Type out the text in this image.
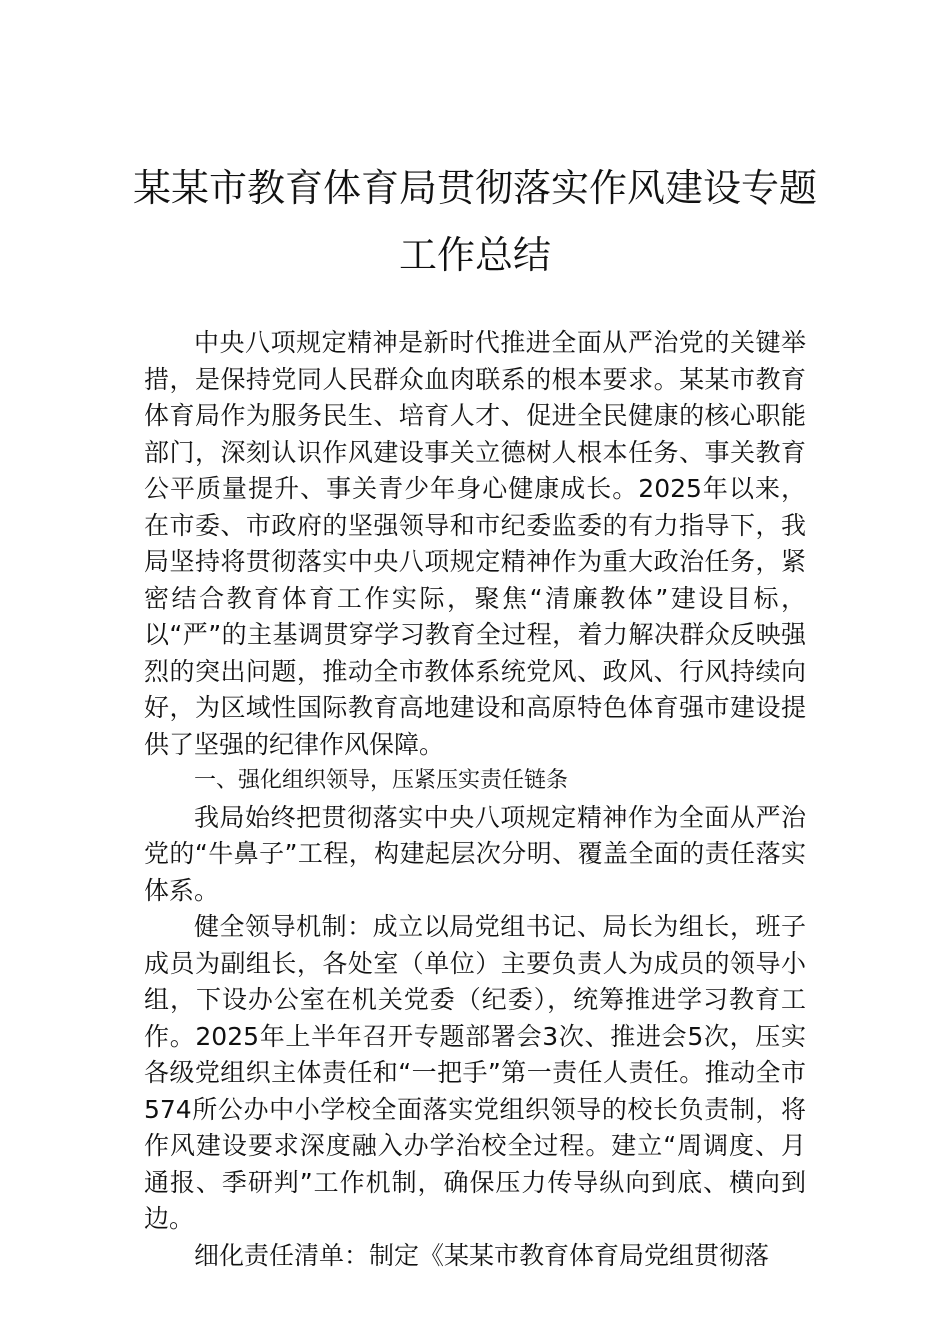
某某市教育体育局贯彻落实作风建设专题
工作总结

中央八项规定精神是新时代推进全面从严治党的关键举措，是保持党同人民群众血肉联系的根本要求。某某市教育体育局作为服务民生、培育人才、促进全民健康的核心职能部门，深刻认识作风建设事关立德树人根本任务、事关教育公平质量提升、事关青少年身心健康成长。2025年以来，在市委、市政府的坚强领导和市纪委监委的有力指导下，我局坚持将贯彻落实中央八项规定精神作为重大政治任务，紧密结合教育体育工作实际，聚焦“清廉教体”建设目标，以“严”的主基调贯穿学习教育全过程，着力解决群众反映强烈的突出问题，推动全市教体系统党风、政风、行风持续向好，为区域性国际教育高地建设和高原特色体育强市建设提供了坚强的纪律作风保障。

一、强化组织领导，压紧压实责任链条

我局始终把贯彻落实中央八项规定精神作为全面从严治党的“牛鼻子”工程，构建起层次分明、覆盖全面的责任落实体系。

健全领导机制：成立以局党组书记、局长为组长，班子成员为副组长，各处室（单位）主要负责人为成员的领导小组，下设办公室在机关党委（纪委），统筹推进学习教育工作。2025年上半年召开专题部署会3次、推进会5次，压实各级党组织主体责任和“一把手”第一责任人责任。推动全市574所公办中小学校全面落实党组织领导的校长负责制，将作风建设要求深度融入办学治校全过程。建立“周调度、月通报、季研判”工作机制，确保压力传导纵向到底、横向到边。

细化责任清单：制定《某某市教育体育局党组贯彻落
